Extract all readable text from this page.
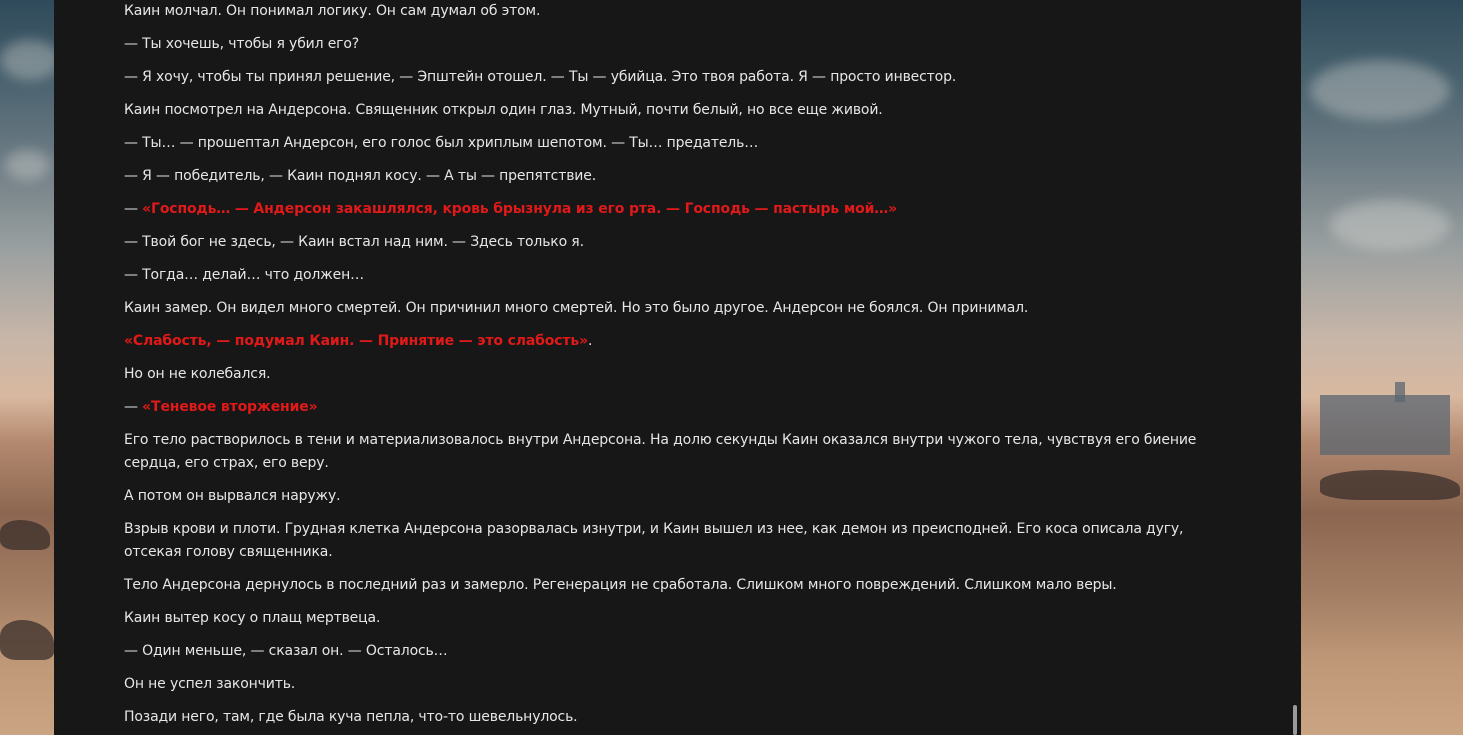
Каин молчал. Он понимал логику. Он сам думал об этом.

— Ты хочешь, чтобы я убил его?

— Я хочу, чтобы ты принял решение, — Эпштейн отошел. — Ты — убийца. Это твоя работа. Я — просто инвестор.

Каин посмотрел на Андерсона. Священник открыл один глаз. Мутный, почти белый, но все еще живой.

— Ты… — прошептал Андерсон, его голос был хриплым шепотом. — Ты… предатель…

— Я — победитель, — Каин поднял косу. — А ты — препятствие.

— «Господь… — Андерсон закашлялся, кровь брызнула из его рта. — Господь — пастырь мой…»

— Твой бог не здесь, — Каин встал над ним. — Здесь только я.

— Тогда… делай… что должен…

Каин замер. Он видел много смертей. Он причинил много смертей. Но это было другое. Андерсон не боялся. Он принимал.

«Слабость, — подумал Каин. — Принятие — это слабость».

Но он не колебался.

— «Теневое вторжение»

Его тело растворилось в тени и материализовалось внутри Андерсона. На долю секунды Каин оказался внутри чужого тела, чувствуя его биение сердца, его страх, его веру.

А потом он вырвался наружу.

Взрыв крови и плоти. Грудная клетка Андерсона разорвалась изнутри, и Каин вышел из нее, как демон из преисподней. Его коса описала дугу, отсекая голову священника.

Тело Андерсона дернулось в последний раз и замерло. Регенерация не сработала. Слишком много повреждений. Слишком мало веры.

Каин вытер косу о плащ мертвеца.

— Один меньше, — сказал он. — Осталось…

Он не успел закончить.

Позади него, там, где была куча пепла, что-то шевельнулось.
